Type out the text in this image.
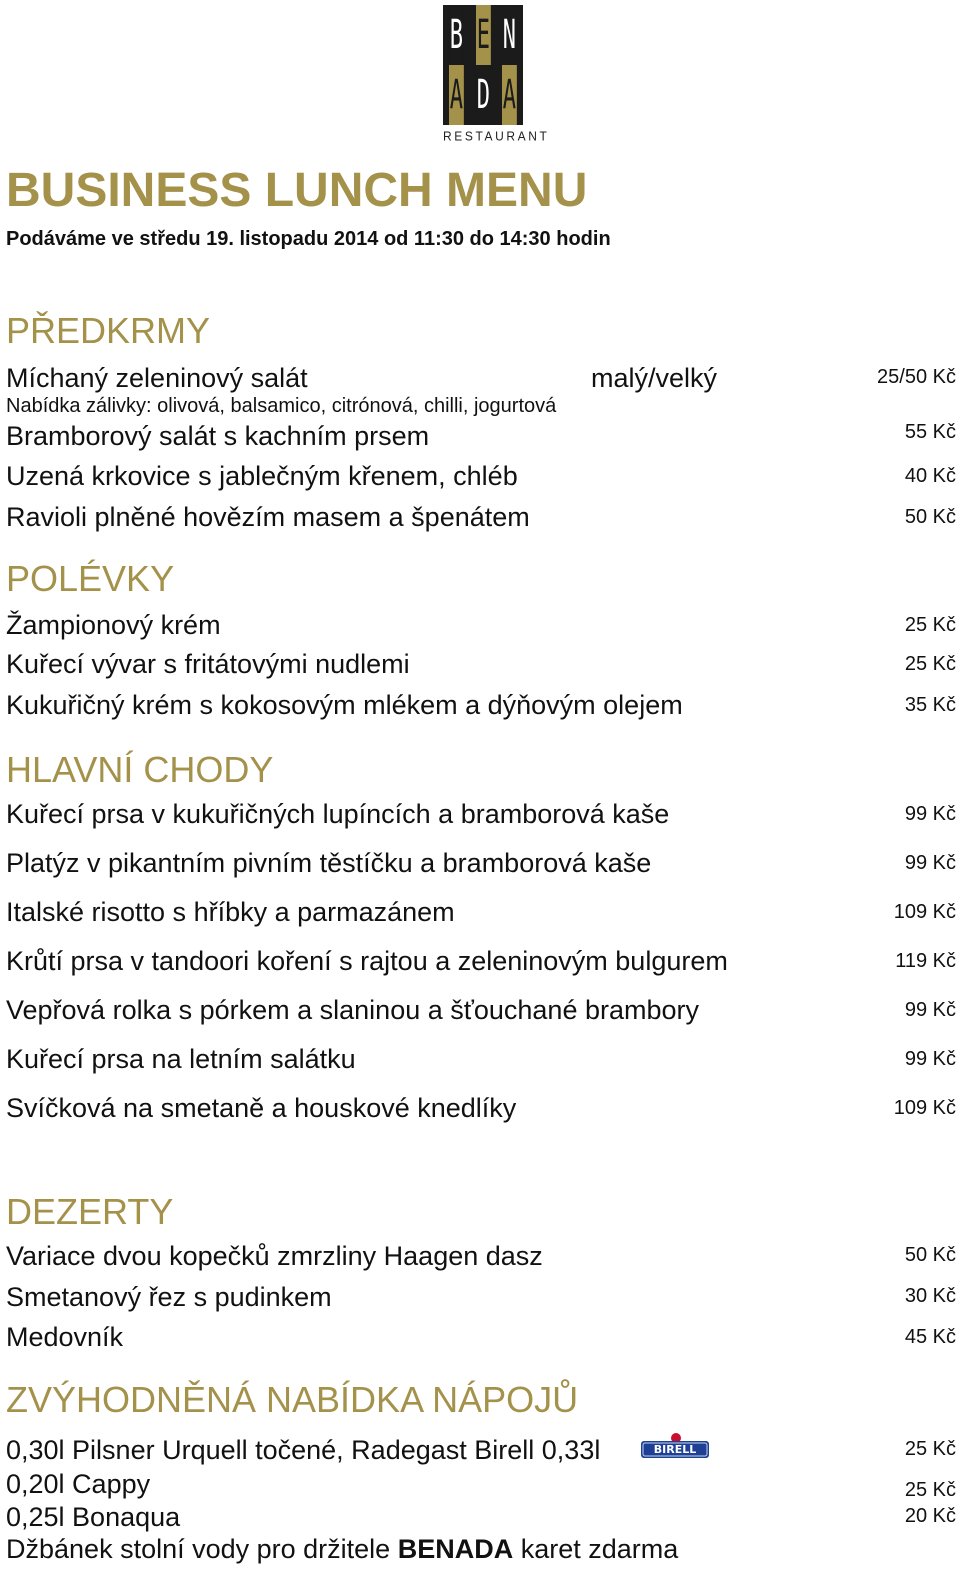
B E N
A D A
RESTAURANT
BUSINESS LUNCH MENU
Podáváme ve středu 19. listopadu 2014 od 11:30 do 14:30 hodin
PŘEDKRMY
Míchaný zeleninový salát	malý/velký	25/50 Kč
Nabídka zálivky: olivová, balsamico, citrónová, chilli, jogurtová
Bramborový salát s kachním prsem	55 Kč
Uzená krkovice s jablečným křenem, chléb	40 Kč
Ravioli plněné hovězím masem a špenátem	50 Kč
POLÉVKY
Žampionový krém	25 Kč
Kuřecí vývar s fritátovými nudlemi	25 Kč
Kukuřičný krém s kokosovým mlékem a dýňovým olejem	35 Kč
HLAVNÍ CHODY
Kuřecí prsa v kukuřičných lupíncích a bramborová kaše	99 Kč
Platýz v pikantním pivním těstíčku a bramborová kaše	99 Kč
Italské risotto s hříbky a parmazánem	109 Kč
Krůtí prsa v tandoori koření s rajtou a zeleninovým bulgurem	119 Kč
Vepřová rolka s pórkem a slaninou a šťouchané brambory	99 Kč
Kuřecí prsa na letním salátku	99 Kč
Svíčková na smetaně a houskové knedlíky	109 Kč
DEZERTY
Variace dvou kopečků zmrzliny Haagen dasz	50 Kč
Smetanový řez s pudinkem	30 Kč
Medovník	45 Kč
ZVÝHODNĚNÁ NABÍDKA NÁPOJŮ
0,30l Pilsner Urquell točené, Radegast Birell 0,33l	BIRELL	25 Kč
0,20l Cappy	25 Kč
0,25l Bonaqua	20 Kč
Džbánek stolní vody pro držitele BENADA karet zdarma
